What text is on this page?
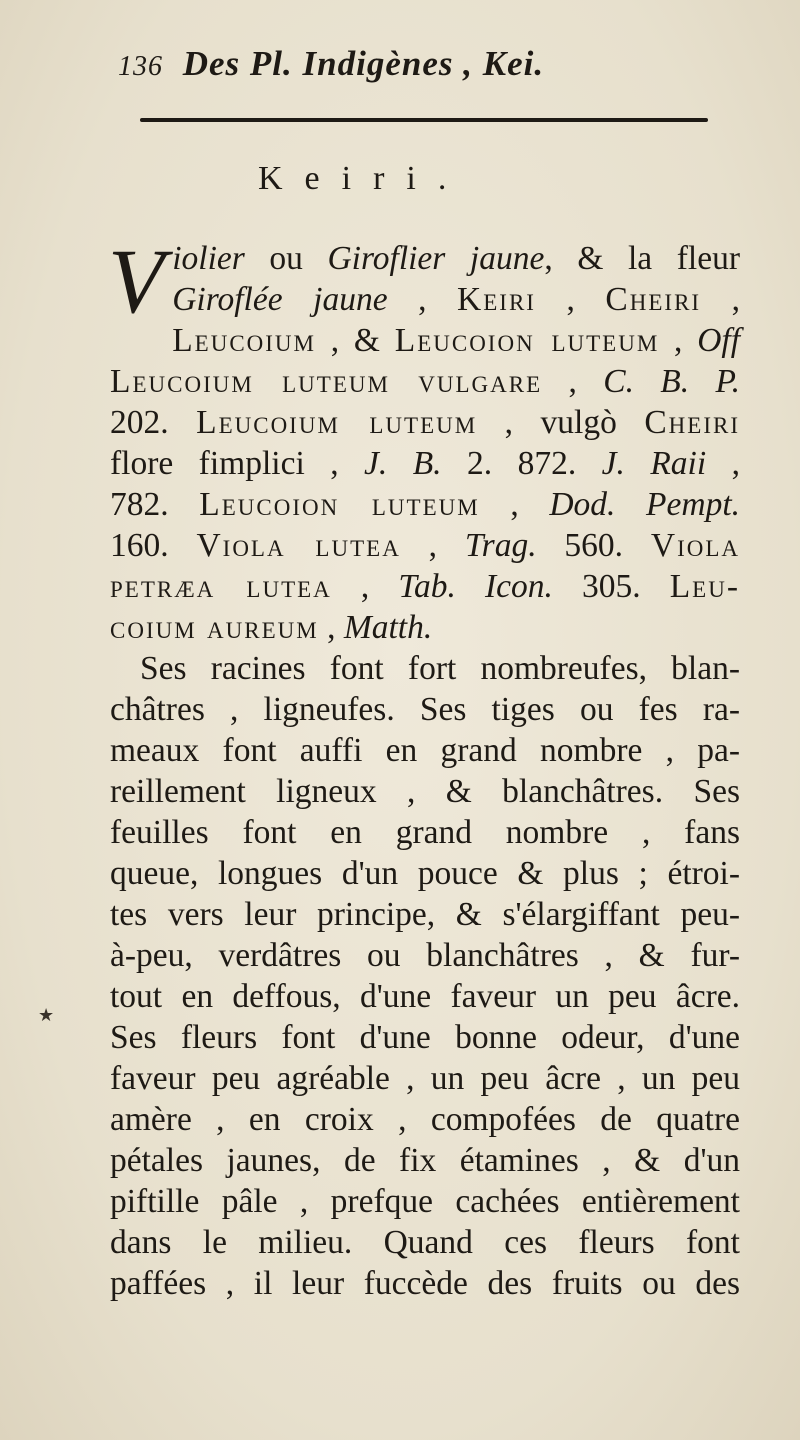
136 Des Pl. Indigènes , Kei.
Keiri.
V iolier ou Giroflier jaune, & la fleur
Giroflée jaune , Keiri , Cheiri ,
Leucoium , & Leucoion luteum , Off
Leucoium luteum vulgare , C. B. P.
202. Leucoium luteum , vulgò Cheiri
flore fimplici , J. B. 2. 872. J. Raii ,
782. Leucoion luteum , Dod. Pempt.
160. Viola lutea , Trag. 560. Viola
petræa lutea , Tab. Icon. 305. Leu-
coium aureum , Matth.
Ses racines font fort nombreufes, blan-
châtres , ligneufes. Ses tiges ou fes ra-
meaux font auffi en grand nombre , pa-
reillement ligneux , & blanchâtres. Ses
feuilles font en grand nombre , fans
queue, longues d'un pouce & plus ; étroi-
tes vers leur principe, & s'élargiffant peu-
à-peu, verdâtres ou blanchâtres , & fur-
tout en deffous, d'une faveur un peu âcre.
Ses fleurs font d'une bonne odeur, d'une
faveur peu agréable , un peu âcre , un peu
amère , en croix , compofées de quatre
pétales jaunes, de fix étamines , & d'un
piftille pâle , prefque cachées entièrement
dans le milieu. Quand ces fleurs font
paffées , il leur fuccède des fruits ou des
★
